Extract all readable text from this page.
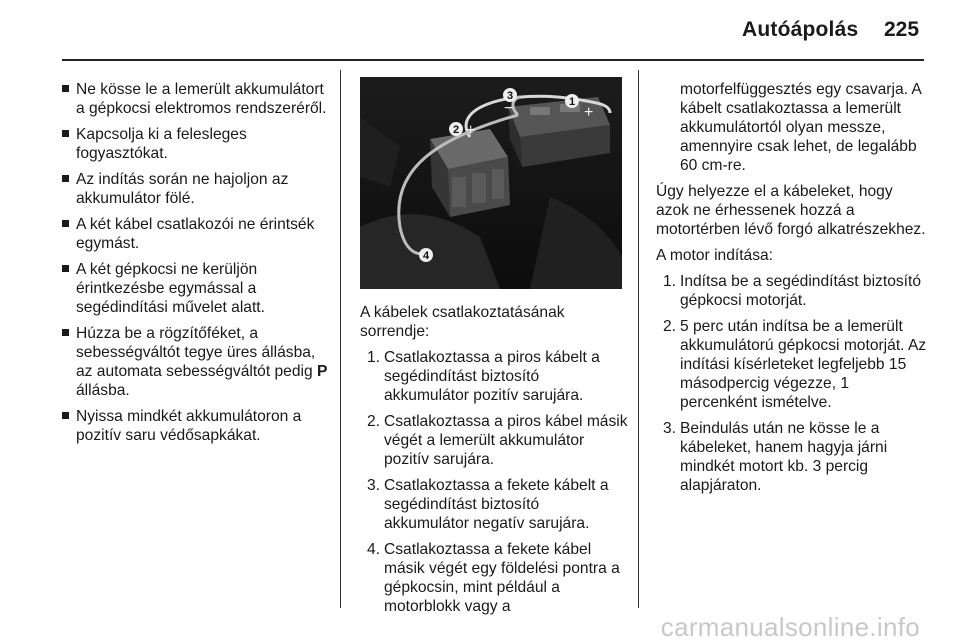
Autóápolás 225
Ne kösse le a lemerült akkumulátort a gépkocsi elektromos rendszeréről.
Kapcsolja ki a felesleges fogyasztókat.
Az indítás során ne hajoljon az akkumulátor fölé.
A két kábel csatlakozói ne érintsék egymást.
A két gépkocsi ne kerüljön érintkezésbe egymással a segédindítási művelet alatt.
Húzza be a rögzítőféket, a sebességváltót tegye üres állásba, az automata sebességváltót pedig P állásba.
Nyissa mindkét akkumulátoron a pozitív saru védősapkákat.
1
2
3
4
+
+
−
A kábelek csatlakoztatásának sorrendje:
1. Csatlakoztassa a piros kábelt a segédindítást biztosító akkumulátor pozitív sarujára.
2. Csatlakoztassa a piros kábel másik végét a lemerült akkumulátor pozitív sarujára.
3. Csatlakoztassa a fekete kábelt a segédindítást biztosító akkumulátor negatív sarujára.
4. Csatlakoztassa a fekete kábel másik végét egy földelési pontra a gépkocsin, mint például a motorblokk vagy a
motorfelfüggesztés egy csavarja. A kábelt csatlakoztassa a lemerült akkumulátortól olyan messze, amennyire csak lehet, de legalább 60 cm-re.
Úgy helyezze el a kábeleket, hogy azok ne érhessenek hozzá a motortérben lévő forgó alkatrészekhez.
A motor indítása:
1. Indítsa be a segédindítást biztosító gépkocsi motorját.
2. 5 perc után indítsa be a lemerült akkumulátorú gépkocsi motorját. Az indítási kísérleteket legfeljebb 15 másodpercig végezze, 1 percenként ismételve.
3. Beindulás után ne kösse le a kábeleket, hanem hagyja járni mindkét motort kb. 3 percig alapjáraton.
carmanualsonline.info
